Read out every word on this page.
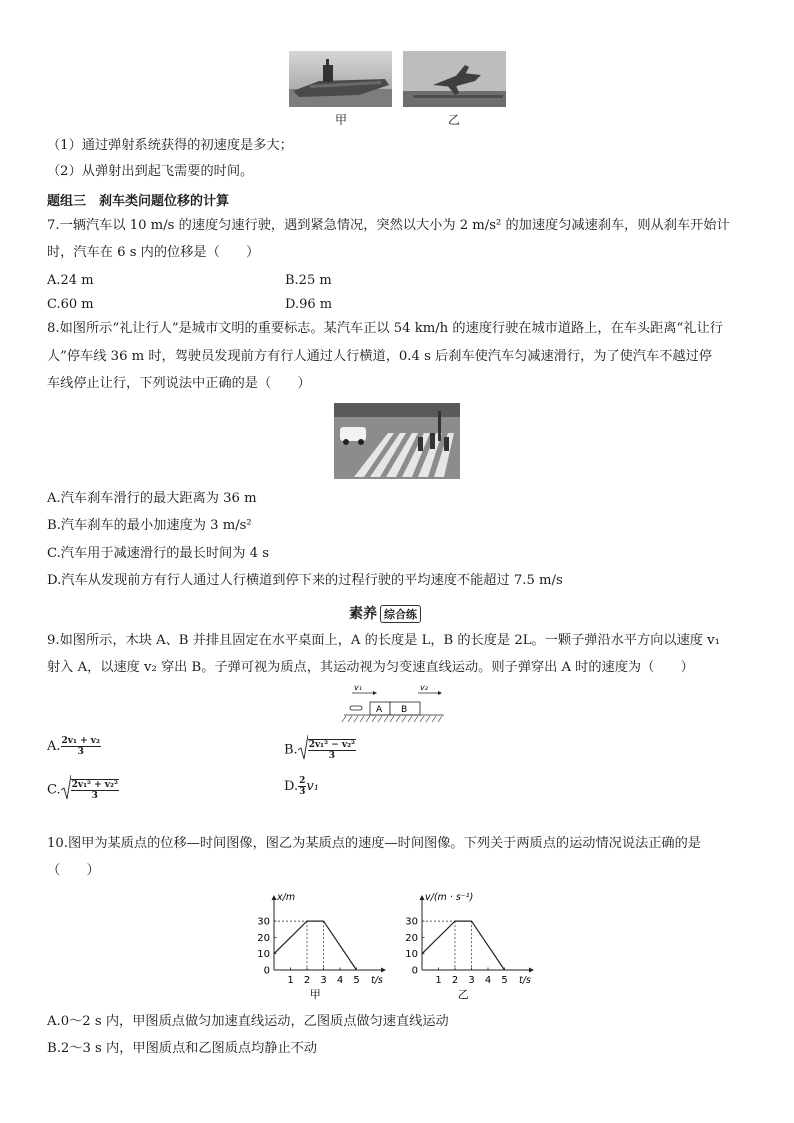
甲	乙
（1）通过弹射系统获得的初速度是多大；
（2）从弹射出到起飞需要的时间。
题组三　刹车类问题位移的计算
7.一辆汽车以 10 m/s 的速度匀速行驶，遇到紧急情况，突然以大小为 2 m/s² 的加速度匀减速刹车，则从刹车开始计
时，汽车在 6 s 内的位移是（　　）
A.24 m	B.25 m
C.60 m	D.96 m
8.如图所示“礼让行人”是城市文明的重要标志。某汽车正以 54 km/h 的速度行驶在城市道路上，在车头距离“礼让行
人”停车线 36 m 时，驾驶员发现前方有行人通过人行横道，0.4 s 后刹车使汽车匀减速滑行，为了使汽车不越过停
车线停止让行，下列说法中正确的是（　　）
A.汽车刹车滑行的最大距离为 36 m
B.汽车刹车的最小加速度为 3 m/s²
C.汽车用于减速滑行的最长时间为 4 s
D.汽车从发现前方有行人通过人行横道到停下来的过程行驶的平均速度不能超过 7.5 m/s
素养 综合练
9.如图所示，木块 A、B 并排且固定在水平桌面上，A 的长度是 L，B 的长度是 2L。一颗子弹沿水平方向以速度 v₁
射入 A，以速度 v₂ 穿出 B。子弹可视为质点，其运动视为匀变速直线运动。则子弹穿出 A 时的速度为（　　）
v₁	v₂
A B
A. $\frac{\text{2v₁ + v₂}}{3}$	B. $\frac{\text{2v₁² − v₂²}}{3}$
C. $\frac{\text{2v₁² + v₂²}}{3}$	D. $\frac{2}{3} v_1$
10.图甲为某质点的位移—时间图像，图乙为某质点的速度—时间图像。下列关于两质点的运动情况说法正确的是
（　　）
x/m
t/s
0
10
20
30
1 2 3 4 5
甲
v/(m · s⁻¹)
t/s
0
10
20
30
1 2 3 4 5
乙
A.0～2 s 内，甲图质点做匀加速直线运动，乙图质点做匀速直线运动
B.2～3 s 内，甲图质点和乙图质点均静止不动
